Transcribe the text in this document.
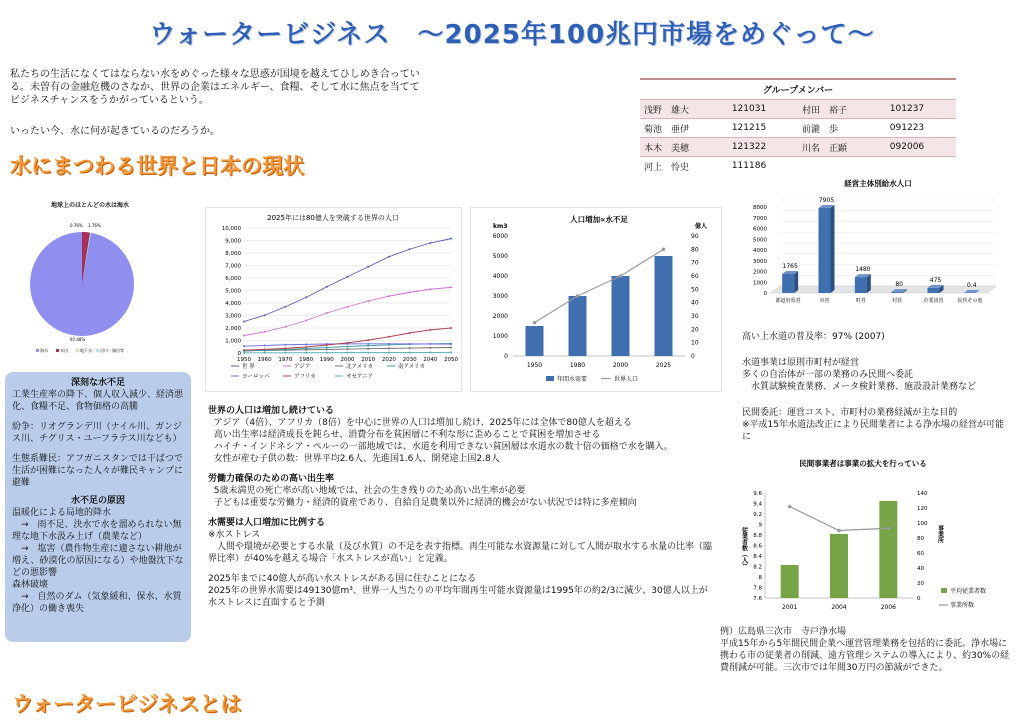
ウォータービジネス　～2025年100兆円市場をめぐって～
私たちの生活になくてはならない水をめぐった様々な思惑が国境を越えてひしめき合っている。未曽有の金融危機のさなか、世界の企業はエネルギー、食糧、そして水に焦点を当ててビジネスチャンスをうかがっているという。
いったい今、水に何が起きているのだろうか。
水にまつわる世界と日本の現状
グループメンバー			
浅野　雄大	121031	村田　裕子	101237
菊池　亜伊	121215	前瀧　歩	091223
本木　美穂	121322	川名　正顕	092006
河上　怜史	111186		
地球上のほとんどの水は海水
0.76% 1.76%
97.48%
海水	氷河	地下水 河川・湖沼等
深刻な水不足
工業生産率の降下、個人収入減少、経済悪化、食糧不足、食物価格の高騰
紛争：リオグランデ川（ナイル川、ガンジス川、チグリス・ユーフラテス川なども）
生態系難民：アフガニスタンでは干ばつで生活が困難になった人々が難民キャンプに避難
水不足の原因
温暖化による局地的降水
　→　雨不足、決水で水を溜められない無理な地下水汲み上げ（農業など）
　→　塩害（農作物生産に適さない耕地が増え、砂漠化の原因になる）や地盤沈下などの悪影響
森林破壊
　→　自然のダム（気象緩和、保水、水質浄化）の働き喪失
2025年には80億人を突破する世界の人口
0
1,000
2,000
3,000
4,000
5,000
6,000
7,000
8,000
9,000
10,000
1950 1960 1970 1980 1990 2000 2010 2020 2030 2040 2050
世 界	アジア	北アメリカ	南アメリカ
ヨーロッパ	アフリカ	オセアニア
人口増加∝水不足
km3	億人
0
1000
2000
3000
4000
5000
6000
0
10
20
30
40
50
60
70
80
90
1950	1980	2000	2025
年間水需要	世界人口
経営主体別給水人口
0
1000
2000
3000
4000
5000
6000
7000
8000
1765
都道府県営
7905
市営
1480
町営
80
村営
475
企業団営
0.4
民営その他
高い上水道の普及率：97% (2007)
水道事業は原則市町村が経営
多くの自治体が一部の業務のみ民間へ委託
　水質試験検査業務、メータ検針業務、施設設計業務など
民間委託：運営コスト、市町村の業務経減が主な目的
※平成15年水道法改正により民間業者による浄水場の経営が可能に
民間事業者は事業の拡大を行っている
7.6
7.8
8
8.2
8.4
8.6
8.8
9
9.2
9.4
9.6
0
20
40
60
80
100
120
140
従業者数（人）	事業所
2001	2004	2006
平均従業者数
事業所数
例）広島県三次市　寺戸浄水場
平成15年から5年間民間企業へ運営管理業務を包括的に委託。浄水場に携わる市の従業者の削減、遠方管理システムの導入により、約30%の経費削減が可能。三次市では年間30万円の節減ができた。
世界の人口は増加し続けている
アジア（4倍）、アフリカ（8倍）を中心に世界の人口は増加し続け、2025年には全体で80億人を超える
高い出生率は経済成長を鈍らせ、消費分布を貧困層に不利な形に歪めることで貧困を増加させる
ハイチ・インドネシア・ペルーの一部地域では、水道を利用できない貧困層は水道水の数十倍の価格で水を購入。
女性が産む子供の数：世界平均2.6人、先進国1.6人、開発途上国2.8人
労働力確保のための高い出生率
5歳未満児の死亡率が高い地域では、社会の生き残りのため高い出生率が必要
子どもは重要な労働力・経済的資産であり、自給自足農業以外に経済的機会がない状況では特に多産傾向
水需要は人口増加に比例する
※水ストレス
　人間や環境が必要とする水量（及び水質）の不足を表す指標。再生可能な水資源量に対して人間が取水する水量の比率（臨界比率）が40%を越える場合「水ストレスが高い」と定義。
2025年までに40億人が高い水ストレスがある国に住むことになる
2025年の世界水需要は49130億m³、世界一人当たりの平均年間再生可能水資源量は1995年の約2/3に減少、30億人以上が水ストレスに直面すると予測
ウォータービジネスとは
